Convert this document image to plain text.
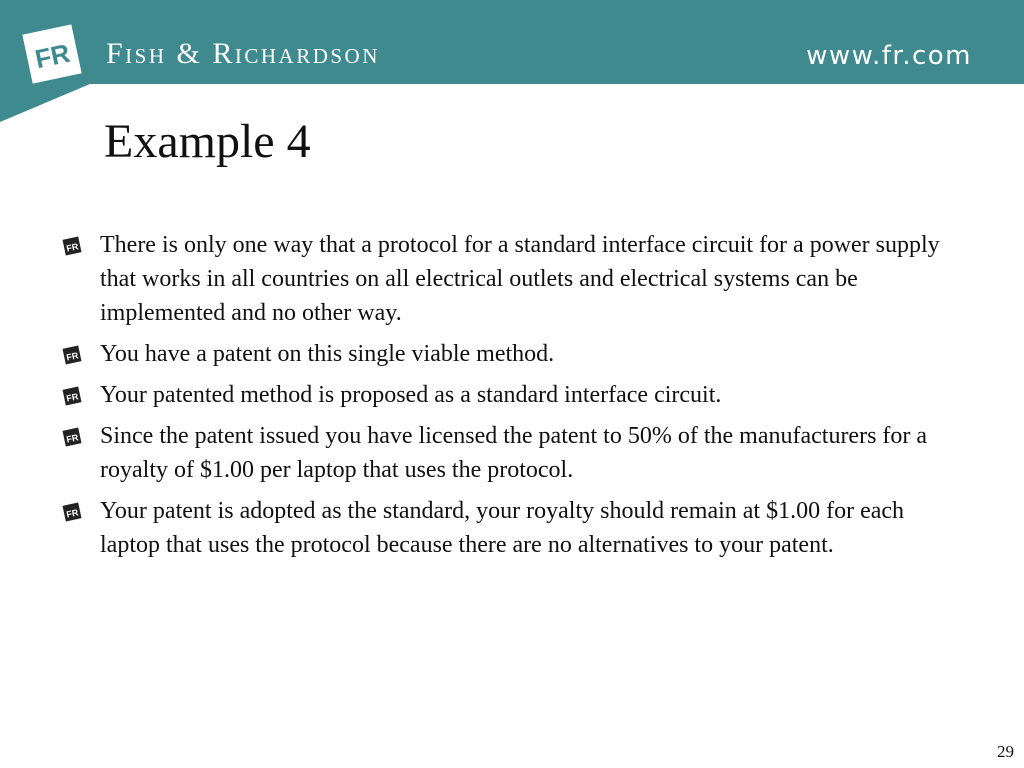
FR Fish & Richardson	www.fr.com
Example 4
FR There is only one way that a protocol for a standard interface circuit for a power supply that works in all countries on all electrical outlets and electrical systems can be implemented and no other way.
FR You have a patent on this single viable method.
FR Your patented method is proposed as a standard interface circuit.
FR Since the patent issued you have licensed the patent to 50% of the manufacturers for a royalty of $1.00 per laptop that uses the protocol.
FR Your patent is adopted as the standard, your royalty should remain at $1.00 for each laptop that uses the protocol because there are no alternatives to your patent.
29
